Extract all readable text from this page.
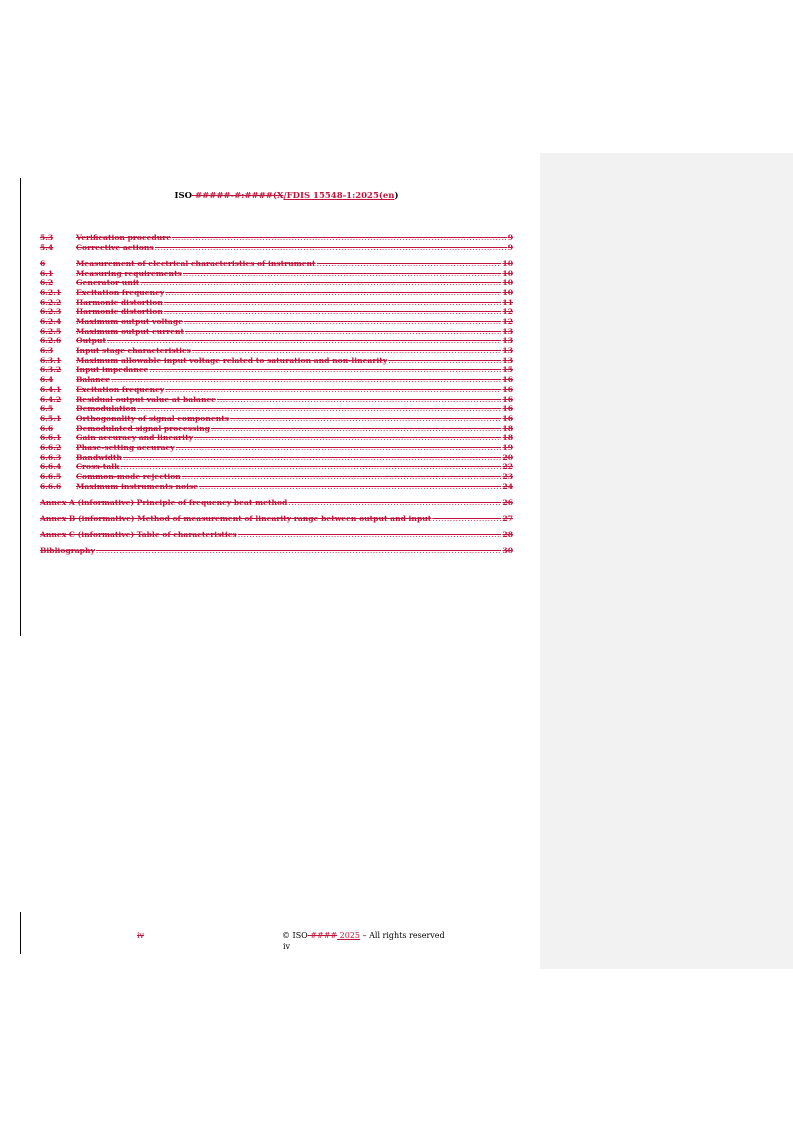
ISO #####-#:####(X/FDIS 15548-1:2025(en)
5.3	Verification procedure .....	9
5.4	Corrective actions .....	9
6	Measurement of electrical characteristics of instrument .....	10
6.1	Measuring requirements .....	10
6.2	Generator unit .....	10
6.2.1	Excitation frequency .....	10
6.2.2	Harmonic distortion .....	11
6.2.3	Harmonic distortion .....	12
6.2.4	Maximum output voltage .....	12
6.2.5	Maximum output current .....	13
6.2.6	Output .....	13
6.3	Input stage characteristics .....	13
6.3.1	Maximum allowable input voltage related to saturation and non-linearity .....	13
6.3.2	Input impedance .....	15
6.4	Balance .....	16
6.4.1	Excitation frequency .....	16
6.4.2	Residual output value at balance .....	16
6.5	Demodulation .....	16
6.5.1	Orthogonality of signal components .....	16
6.6	Demodulated signal processing .....	18
6.6.1	Gain accuracy and linearity .....	18
6.6.2	Phase-setting accuracy .....	19
6.6.3	Bandwidth .....	20
6.6.4	Cross-talk .....	22
6.6.5	Common-mode rejection .....	23
6.6.6	Maximum instruments noise .....	24
Annex A (informative) Principle of frequency beat method .....	26
Annex B (informative) Method of measurement of linearity range between output and input .....	27
Annex C (informative) Table of characteristics .....	28
Bibliography .....	30
iv	© ISO #### 2025 – All rights reserved
iv
